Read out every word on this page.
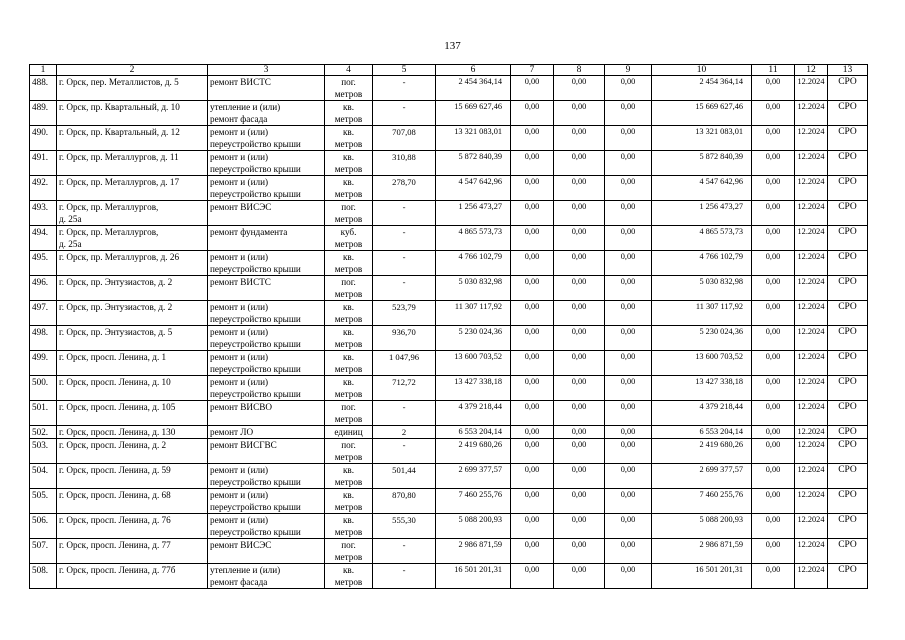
137
1	2	3	4	5	6	7	8	9	10	11	12	13
488.	г. Орск, пер. Металлистов, д. 5	ремонт ВИСТС	пог.
метров	-	2 454 364,14	0,00	0,00	0,00	2 454 364,14	0,00	12.2024	СРО
489.	г. Орск, пр. Квартальный, д. 10	утепление и (или)
ремонт фасада	кв.
метров	-	15 669 627,46	0,00	0,00	0,00	15 669 627,46	0,00	12.2024	СРО
490.	г. Орск, пр. Квартальный, д. 12	ремонт и (или)
переустройство крыши	кв.
метров	707,08	13 321 083,01	0,00	0,00	0,00	13 321 083,01	0,00	12.2024	СРО
491.	г. Орск, пр. Металлургов, д. 11	ремонт и (или)
переустройство крыши	кв.
метров	310,88	5 872 840,39	0,00	0,00	0,00	5 872 840,39	0,00	12.2024	СРО
492.	г. Орск, пр. Металлургов, д. 17	ремонт и (или)
переустройство крыши	кв.
метров	278,70	4 547 642,96	0,00	0,00	0,00	4 547 642,96	0,00	12.2024	СРО
493.	г. Орск, пр. Металлургов,
д. 25а	ремонт ВИСЭС	пог.
метров	-	1 256 473,27	0,00	0,00	0,00	1 256 473,27	0,00	12.2024	СРО
494.	г. Орск, пр. Металлургов,
д. 25а	ремонт фундамента	куб.
метров	-	4 865 573,73	0,00	0,00	0,00	4 865 573,73	0,00	12.2024	СРО
495.	г. Орск, пр. Металлургов, д. 26	ремонт и (или)
переустройство крыши	кв.
метров	-	4 766 102,79	0,00	0,00	0,00	4 766 102,79	0,00	12.2024	СРО
496.	г. Орск, пр. Энтузиастов, д. 2	ремонт ВИСТС	пог.
метров	-	5 030 832,98	0,00	0,00	0,00	5 030 832,98	0,00	12.2024	СРО
497.	г. Орск, пр. Энтузиастов, д. 2	ремонт и (или)
переустройство крыши	кв.
метров	523,79	11 307 117,92	0,00	0,00	0,00	11 307 117,92	0,00	12.2024	СРО
498.	г. Орск, пр. Энтузиастов, д. 5	ремонт и (или)
переустройство крыши	кв.
метров	936,70	5 230 024,36	0,00	0,00	0,00	5 230 024,36	0,00	12.2024	СРО
499.	г. Орск, просп. Ленина, д. 1	ремонт и (или)
переустройство крыши	кв.
метров	1 047,96	13 600 703,52	0,00	0,00	0,00	13 600 703,52	0,00	12.2024	СРО
500.	г. Орск, просп. Ленина, д. 10	ремонт и (или)
переустройство крыши	кв.
метров	712,72	13 427 338,18	0,00	0,00	0,00	13 427 338,18	0,00	12.2024	СРО
501.	г. Орск, просп. Ленина, д. 105	ремонт ВИСВО	пог.
метров	-	4 379 218,44	0,00	0,00	0,00	4 379 218,44	0,00	12.2024	СРО
502.	г. Орск, просп. Ленина, д. 130	ремонт ЛО	единиц	2	6 553 204,14	0,00	0,00	0,00	6 553 204,14	0,00	12.2024	СРО
503.	г. Орск, просп. Ленина, д. 2	ремонт ВИСГВС	пог.
метров	-	2 419 680,26	0,00	0,00	0,00	2 419 680,26	0,00	12.2024	СРО
504.	г. Орск, просп. Ленина, д. 59	ремонт и (или)
переустройство крыши	кв.
метров	501,44	2 699 377,57	0,00	0,00	0,00	2 699 377,57	0,00	12.2024	СРО
505.	г. Орск, просп. Ленина, д. 68	ремонт и (или)
переустройство крыши	кв.
метров	870,80	7 460 255,76	0,00	0,00	0,00	7 460 255,76	0,00	12.2024	СРО
506.	г. Орск, просп. Ленина, д. 76	ремонт и (или)
переустройство крыши	кв.
метров	555,30	5 088 200,93	0,00	0,00	0,00	5 088 200,93	0,00	12.2024	СРО
507.	г. Орск, просп. Ленина, д. 77	ремонт ВИСЭС	пог.
метров	-	2 986 871,59	0,00	0,00	0,00	2 986 871,59	0,00	12.2024	СРО
508.	г. Орск, просп. Ленина, д. 77б	утепление и (или)
ремонт фасада	кв.
метров	-	16 501 201,31	0,00	0,00	0,00	16 501 201,31	0,00	12.2024	СРО
